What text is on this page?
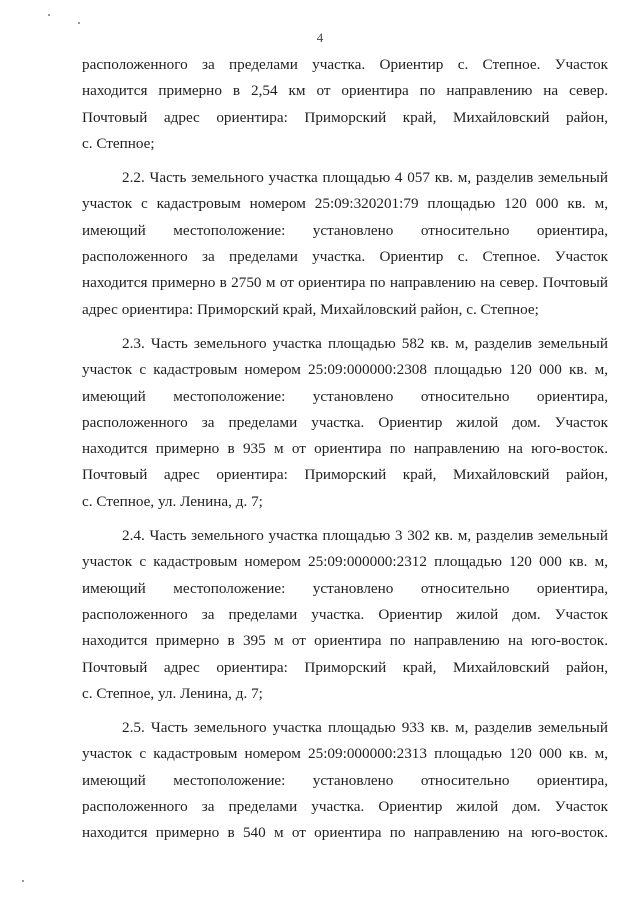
4
расположенного за пределами участка. Ориентир с. Степное. Участок
находится примерно в 2,54 км от ориентира по направлению на север.
Почтовый адрес ориентира: Приморский край, Михайловский район,
с. Степное;
2.2. Часть земельного участка площадью 4 057 кв. м, разделив земельный
участок с кадастровым номером 25:09:320201:79 площадью 120 000 кв. м,
имеющий местоположение: установлено относительно ориентира,
расположенного за пределами участка. Ориентир с. Степное. Участок
находится примерно в 2750 м от ориентира по направлению на север. Почтовый
адрес ориентира: Приморский край, Михайловский район, с. Степное;
2.3. Часть земельного участка площадью 582 кв. м, разделив земельный
участок с кадастровым номером 25:09:000000:2308 площадью 120 000 кв. м,
имеющий местоположение: установлено относительно ориентира,
расположенного за пределами участка. Ориентир жилой дом. Участок
находится примерно в 935 м от ориентира по направлению на юго-восток.
Почтовый адрес ориентира: Приморский край, Михайловский район,
с. Степное, ул. Ленина, д. 7;
2.4. Часть земельного участка площадью 3 302 кв. м, разделив земельный
участок с кадастровым номером 25:09:000000:2312 площадью 120 000 кв. м,
имеющий местоположение: установлено относительно ориентира,
расположенного за пределами участка. Ориентир жилой дом. Участок
находится примерно в 395 м от ориентира по направлению на юго-восток.
Почтовый адрес ориентира: Приморский край, Михайловский район,
с. Степное, ул. Ленина, д. 7;
2.5. Часть земельного участка площадью 933 кв. м, разделив земельный
участок с кадастровым номером 25:09:000000:2313 площадью 120 000 кв. м,
имеющий местоположение: установлено относительно ориентира,
расположенного за пределами участка. Ориентир жилой дом. Участок
находится примерно в 540 м от ориентира по направлению на юго-восток.
